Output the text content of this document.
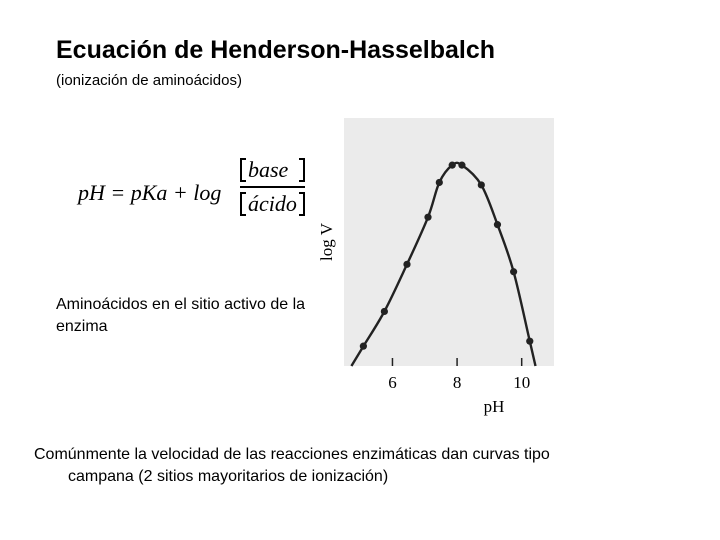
Ecuación de Henderson-Hasselbalch
(ionización de aminoácidos)
pH = pKa + log
base
ácido
Aminoácidos en el sitio activo de la enzima
6	8	10
log V
pH
Comúnmente la velocidad de las reacciones enzimáticas dan curvas tipo
campana (2 sitios mayoritarios de ionización)
